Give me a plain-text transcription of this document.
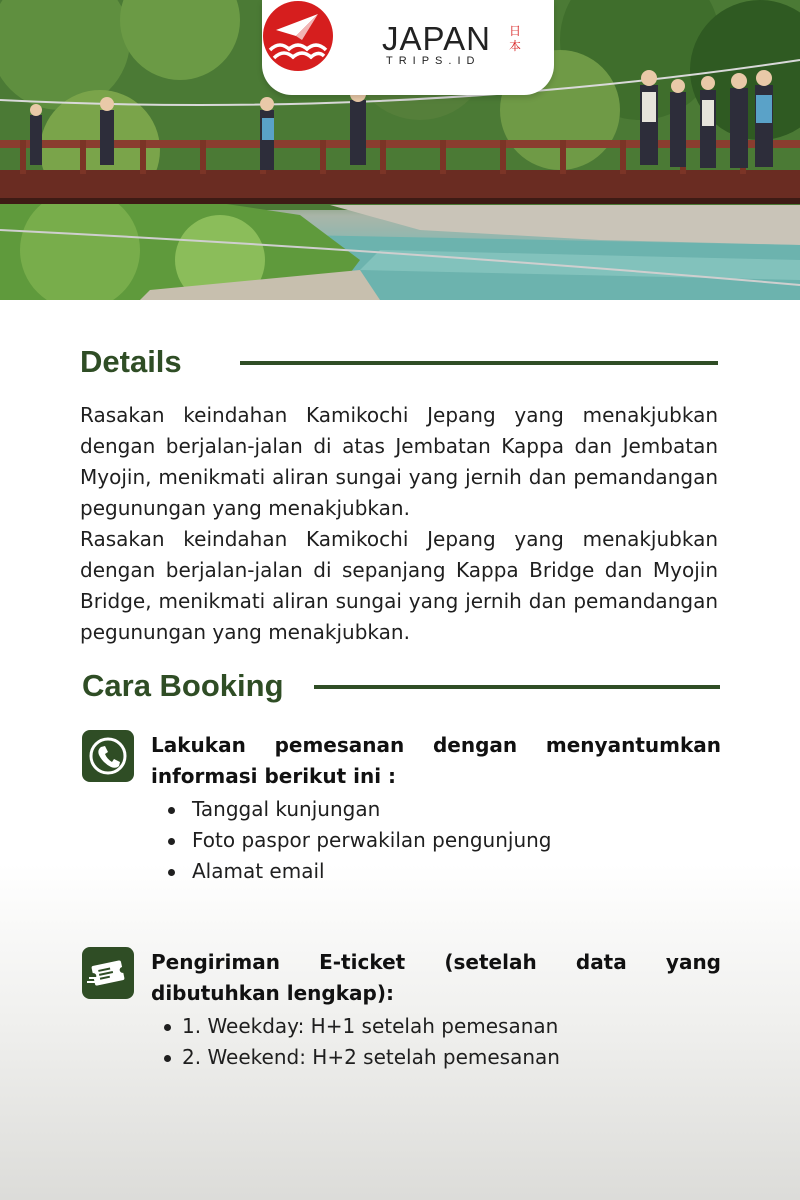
JAPAN
TRIPS.ID
日本
Details

Rasakan keindahan Kamikochi Jepang yang menakjubkan dengan berjalan-jalan di atas Jembatan Kappa dan Jembatan Myojin, menikmati aliran sungai yang jernih dan pemandangan pegunungan yang menakjubkan.

Rasakan keindahan Kamikochi Jepang yang menakjubkan dengan berjalan-jalan di sepanjang Kappa Bridge dan Myojin Bridge, menikmati aliran sungai yang jernih dan pemandangan pegunungan yang menakjubkan.

Cara Booking
Lakukan pemesanan dengan menyantumkan informasi berikut ini :
Tanggal kunjungan
Foto paspor perwakilan pengunjung
Alamat email
Pengiriman E-ticket (setelah data yang dibutuhkan lengkap):
1. Weekday: H+1 setelah pemesanan
2. Weekend: H+2 setelah pemesanan
